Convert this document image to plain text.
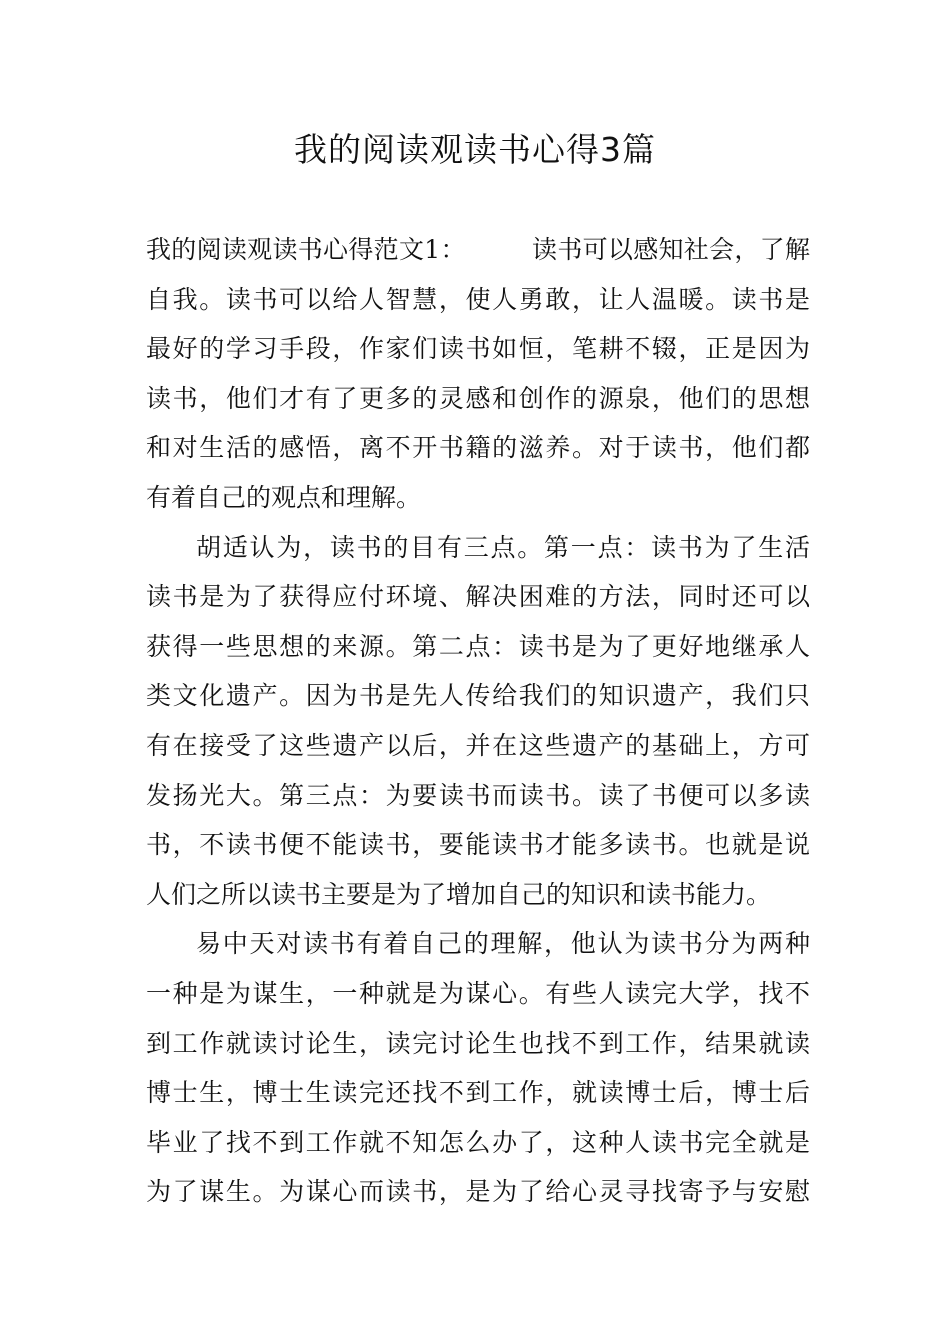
我的阅读观读书心得3篇
我的阅读观读书心得范文1：	读书可以感知社会，了解
自我。读书可以给人智慧，使人勇敢，让人温暖。读书是
最好的学习手段，作家们读书如恒，笔耕不辍，正是因为
读书，他们才有了更多的灵感和创作的源泉，他们的思想
和对生活的感悟，离不开书籍的滋养。对于读书，他们都
有着自己的观点和理解。
胡适认为，读书的目有三点。第一点：读书为了生活
读书是为了获得应付环境、解决困难的方法，同时还可以
获得一些思想的来源。第二点：读书是为了更好地继承人
类文化遗产。因为书是先人传给我们的知识遗产，我们只
有在接受了这些遗产以后，并在这些遗产的基础上，方可
发扬光大。第三点：为要读书而读书。读了书便可以多读
书，不读书便不能读书，要能读书才能多读书。也就是说
人们之所以读书主要是为了增加自己的知识和读书能力。
易中天对读书有着自己的理解，他认为读书分为两种
一种是为谋生，一种就是为谋心。有些人读完大学，找不
到工作就读讨论生，读完讨论生也找不到工作，结果就读
博士生，博士生读完还找不到工作，就读博士后，博士后
毕业了找不到工作就不知怎么办了，这种人读书完全就是
为了谋生。为谋心而读书，是为了给心灵寻找寄予与安慰
